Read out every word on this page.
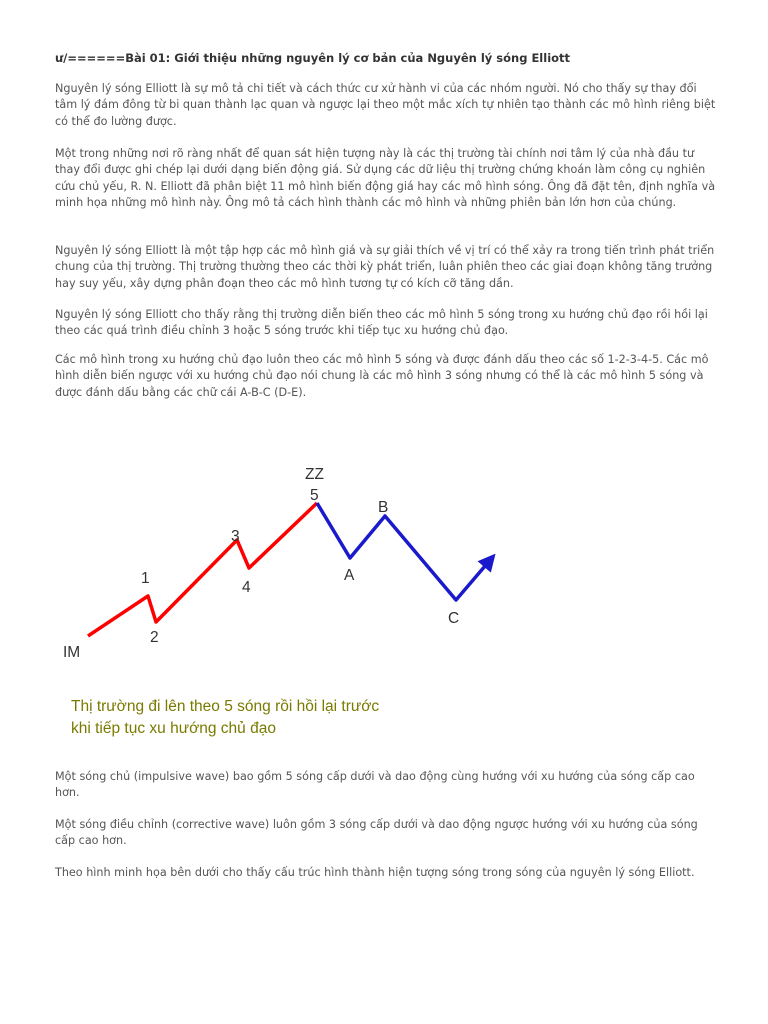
ư/======Bài 01: Giới thiệu những nguyên lý cơ bản của Nguyên lý sóng Elliott

Nguyên lý sóng Elliott là sự mô tả chi tiết và cách thức cư xử hành vi của các nhóm người. Nó cho thấy sự thay đổi tâm lý đám đông từ bi quan thành lạc quan và ngược lại theo một mắc xích tự nhiên tạo thành các mô hình riêng biệt có thể đo lường được.

Một trong những nơi rõ ràng nhất để quan sát hiện tượng này là các thị trường tài chính nơi tâm lý của nhà đầu tư thay đổi được ghi chép lại dưới dạng biến động giá. Sử dụng các dữ liệu thị trường chứng khoán làm công cụ nghiên cứu chủ yếu, R. N. Elliott đã phân biệt 11 mô hình biến động giá hay các mô hình sóng. Ông đã đặt tên, định nghĩa và minh họa những mô hình này. Ông mô tả cách hình thành các mô hình và những phiên bản lớn hơn của chúng.

Nguyên lý sóng Elliott là một tập hợp các mô hình giá và sự giải thích về vị trí có thể xảy ra trong tiến trình phát triển chung của thị trường. Thị trường thường theo các thời kỳ phát triển, luân phiên theo các giai đoạn không tăng trưởng hay suy yếu, xây dựng phân đoạn theo các mô hình tương tự có kích cỡ tăng dần.

Nguyên lý sóng Elliott cho thấy rằng thị trường diễn biến theo các mô hình 5 sóng trong xu hướng chủ đạo rồi hồi lại theo các quá trình điều chỉnh 3 hoặc 5 sóng trước khi tiếp tục xu hướng chủ đạo.

Các mô hình trong xu hướng chủ đạo luôn theo các mô hình 5 sóng và được đánh dấu theo các số 1-2-3-4-5. Các mô hình diễn biến ngược với xu hướng chủ đạo nói chung là các mô hình 3 sóng nhưng có thể là các mô hình 5 sóng và được đánh dấu bằng các chữ cái A-B-C (D-E).

Một sóng chủ (impulsive wave) bao gồm 5 sóng cấp dưới và dao động cùng hướng với xu hướng của sóng cấp cao hơn.

Một sóng điều chỉnh (corrective wave) luôn gồm 3 sóng cấp dưới và dao động ngược hướng với xu hướng của sóng cấp cao hơn.

Theo hình minh họa bên dưới cho thấy cấu trúc hình thành hiện tượng sóng trong sóng của nguyên lý sóng Elliott.

IM
1
2
3
4
ZZ
5
A
B
C
Thị trường đi lên theo 5 sóng rồi hồi lại trước
khi tiếp tục xu hướng chủ đạo
